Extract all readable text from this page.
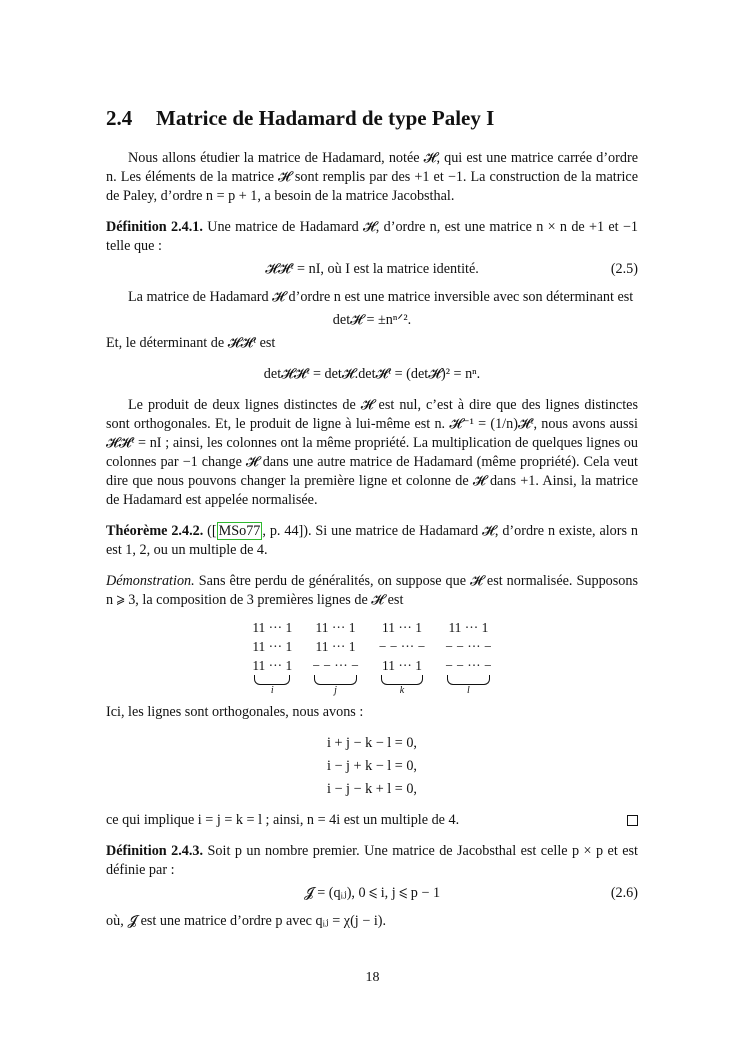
2.4 Matrice de Hadamard de type Paley I

Nous allons étudier la matrice de Hadamard, notée 𝓗, qui est une matrice carrée d’ordre n. Les éléments de la matrice 𝓗 sont remplis par des +1 et −1. La construction de la matrice de Paley, d’ordre n = p + 1, a besoin de la matrice Jacobsthal.

Définition 2.4.1. Une matrice de Hadamard 𝓗, d’ordre n, est une matrice n × n de +1 et −1 telle que :

𝓗𝓗ᵗ = nI, où I est la matrice identité.	(2.5)

La matrice de Hadamard 𝓗 d’ordre n est une matrice inversible avec son déterminant est

det𝓗 = ±nⁿᐟ².

Et, le déterminant de 𝓗𝓗ᵗ est

det𝓗𝓗ᵗ = det𝓗.det𝓗ᵗ = (det𝓗)² = nⁿ.

Le produit de deux lignes distinctes de 𝓗 est nul, c’est à dire que des lignes distinctes sont orthogonales. Et, le produit de ligne à lui-même est n. 𝓗⁻¹ = (1/n)𝓗ᵗ, nous avons aussi 𝓗𝓗ᵗ = nI ; ainsi, les colonnes ont la même propriété. La multiplication de quelques lignes ou colonnes par −1 change 𝓗 dans une autre matrice de Hadamard (même propriété). Cela veut dire que nous pouvons changer la première ligne et colonne de 𝓗 dans +1. Ainsi, la matrice de Hadamard est appelée normalisée.

Théorème 2.4.2. ([ MSo77 , p. 44]). Si une matrice de Hadamard 𝓗, d’ordre n existe, alors n est 1, 2, ou un multiple de 4.

Démonstration. Sans être perdu de généralités, on suppose que 𝓗 est normalisée. Supposons n ⩾ 3, la composition de 3 premières lignes de 𝓗 est

11 ··· 1
11 ··· 1
11 ··· 1
i
11 ··· 1
11 ··· 1
− − ··· −
j
11 ··· 1
− − ··· −
11 ··· 1
k
11 ··· 1
− − ··· −
− − ··· −
l

Ici, les lignes sont orthogonales, nous avons :

i + j − k − l = 0,
i − j + k − l = 0,
i − j − k + l = 0,

ce qui implique i = j = k = l ; ainsi, n = 4i est un multiple de 4.

Définition 2.4.3. Soit p un nombre premier. Une matrice de Jacobsthal est celle p × p et est définie par :

𝓙 = (qᵢⱼ), 0 ⩽ i, j ⩽ p − 1	(2.6)

où, 𝓙 est une matrice d’ordre p avec qᵢⱼ = χ(j − i).

18
